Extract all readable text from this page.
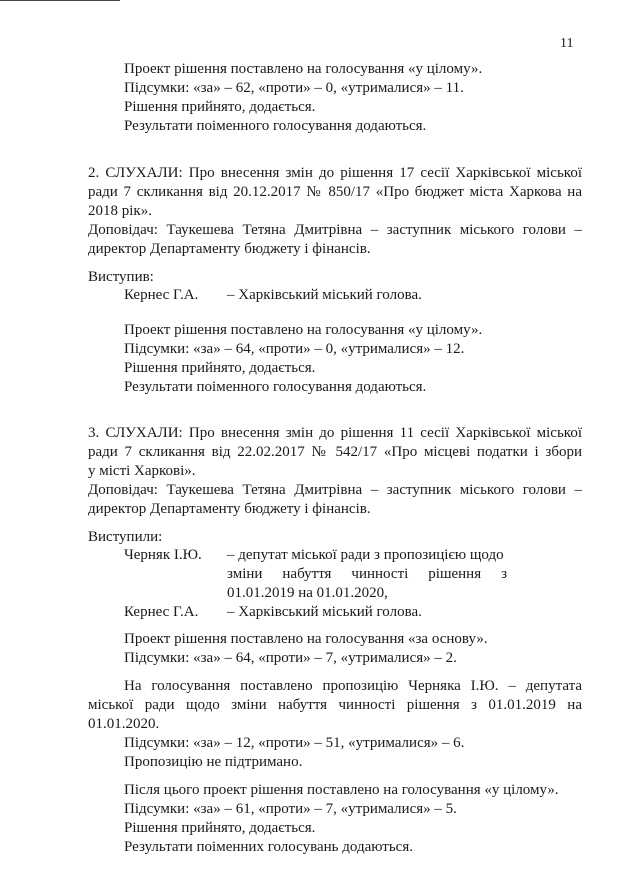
11
Проект рішення поставлено на голосування «у цілому».
Підсумки: «за» – 62, «проти» – 0, «утрималися» – 11.
Рішення прийнято, додається.
Результати поіменного голосування додаються.
2. СЛУХАЛИ: Про внесення змін до рішення 17 сесії Харківської міської
ради 7 скликання від 20.12.2017 № 850/17 «Про бюджет міста Харкова на
2018 рік».
Доповідач: Таукешева Тетяна Дмитрівна – заступник міського голови –
директор Департаменту бюджету і фінансів.
Виступив:
Кернес Г.А. – Харківський міський голова.
Проект рішення поставлено на голосування «у цілому».
Підсумки: «за» – 64, «проти» – 0, «утрималися» – 12.
Рішення прийнято, додається.
Результати поіменного голосування додаються.
3. СЛУХАЛИ: Про внесення змін до рішення 11 сесії Харківської міської
ради 7 скликання від 22.02.2017 № 542/17 «Про місцеві податки і збори
у місті Харкові».
Доповідач: Таукешева Тетяна Дмитрівна – заступник міського голови –
директор Департаменту бюджету і фінансів.
Виступили:
Черняк І.Ю. – депутат міської ради з пропозицією щодо
зміни набуття чинності рішення з
01.01.2019 на 01.01.2020,
Кернес Г.А. – Харківський міський голова.
Проект рішення поставлено на голосування «за основу».
Підсумки: «за» – 64, «проти» – 7, «утрималися» – 2.
На голосування поставлено пропозицію Черняка І.Ю. – депутата
міської ради щодо зміни набуття чинності рішення з 01.01.2019 на
01.01.2020.
Підсумки: «за» – 12, «проти» – 51, «утрималися» – 6.
Пропозицію не підтримано.
Після цього проект рішення поставлено на голосування «у цілому».
Підсумки: «за» – 61, «проти» – 7, «утрималися» – 5.
Рішення прийнято, додається.
Результати поіменних голосувань додаються.
